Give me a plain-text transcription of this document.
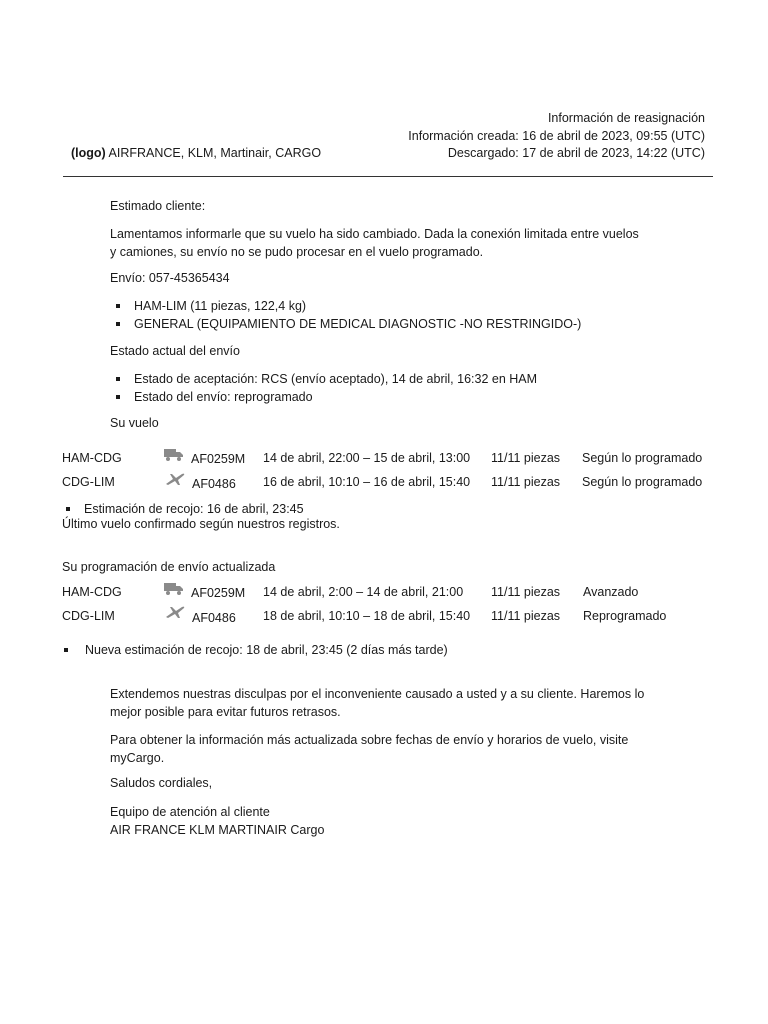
Información de reasignación
Información creada: 16 de abril de 2023, 09:55 (UTC)
Descargado: 17 de abril de 2023, 14:22 (UTC)
(logo) AIRFRANCE, KLM, Martinair, CARGO
Estimado cliente:
Lamentamos informarle que su vuelo ha sido cambiado. Dada la conexión limitada entre vuelos
y camiones, su envío no se pudo procesar en el vuelo programado.
Envío: 057-45365434
HAM-LIM (11 piezas, 122,4 kg)
GENERAL (EQUIPAMIENTO DE MEDICAL DIAGNOSTIC -NO RESTRINGIDO-)
Estado actual del envío
Estado de aceptación: RCS (envío aceptado), 14 de abril, 16:32 en HAM
Estado del envío: reprogramado
Su vuelo
HAM-CDG	AF0259M 14 de abril, 22:00 – 15 de abril, 13:00 11/11 piezas Según lo programado
CDG-LIM	AF0486 16 de abril, 10:10 – 16 de abril, 15:40 11/11 piezas Según lo programado
Estimación de recojo: 16 de abril, 23:45
Último vuelo confirmado según nuestros registros.
Su programación de envío actualizada
HAM-CDG	AF0259M 14 de abril, 2:00 – 14 de abril, 21:00 11/11 piezas Avanzado
CDG-LIM	AF0486 18 de abril, 10:10 – 18 de abril, 15:40 11/11 piezas Reprogramado
Nueva estimación de recojo: 18 de abril, 23:45 (2 días más tarde)
Extendemos nuestras disculpas por el inconveniente causado a usted y a su cliente. Haremos lo
mejor posible para evitar futuros retrasos.
Para obtener la información más actualizada sobre fechas de envío y horarios de vuelo, visite
myCargo.
Saludos cordiales,
Equipo de atención al cliente
AIR FRANCE KLM MARTINAIR Cargo
